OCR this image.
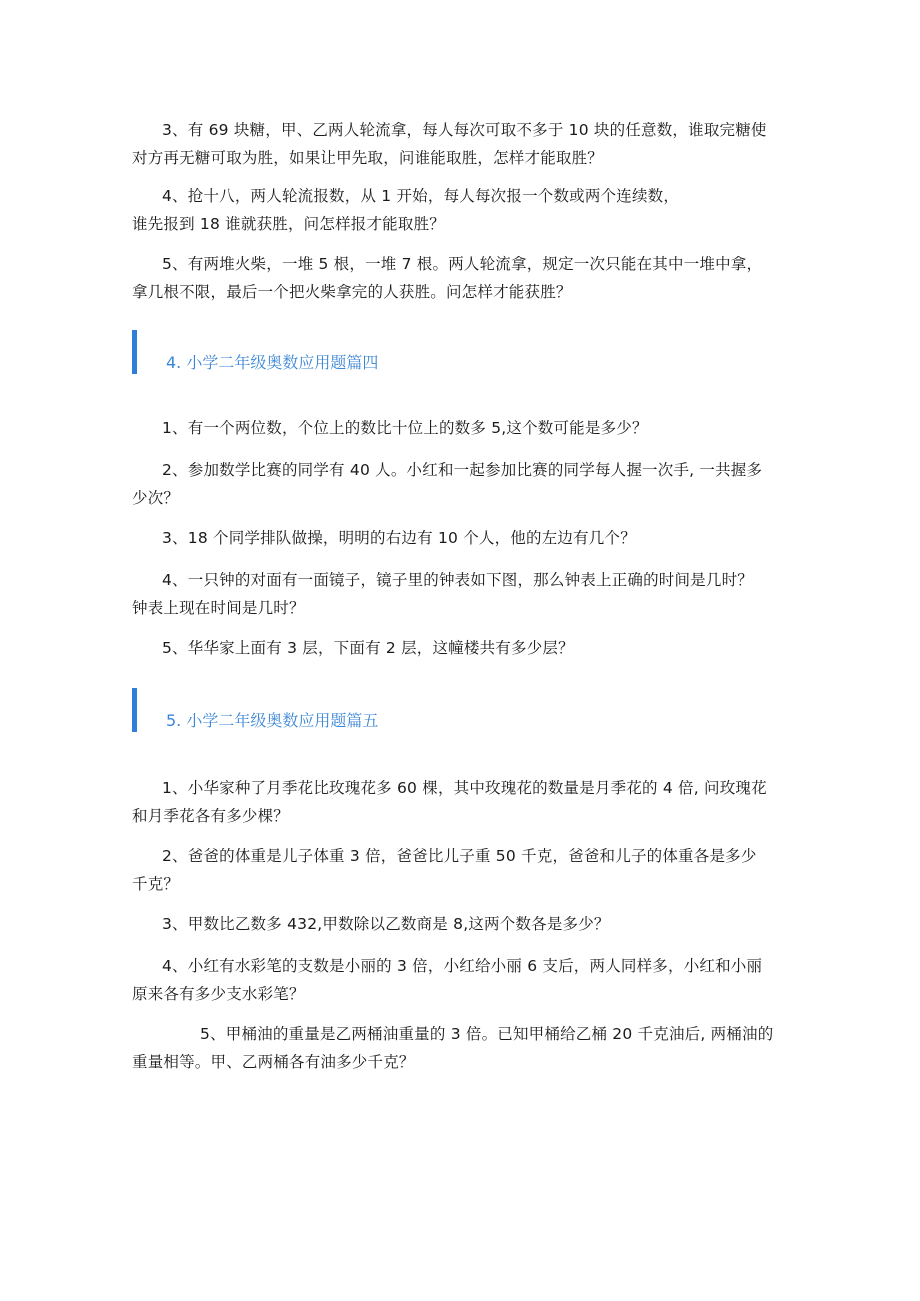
3、有 69 块糖，甲、乙两人轮流拿，每人每次可取不多于 10 块的任意数，谁取完糖使
对方再无糖可取为胜，如果让甲先取，问谁能取胜，怎样才能取胜？

4、抢十八，两人轮流报数，从 1 开始，每人每次报一个数或两个连续数，
谁先报到 18 谁就获胜，问怎样报才能取胜？

5、有两堆火柴，一堆 5 根，一堆 7 根。两人轮流拿，规定一次只能在其中一堆中拿，
拿几根不限，最后一个把火柴拿完的人获胜。问怎样才能获胜？

4. 小学二年级奥数应用题篇四

1、有一个两位数，个位上的数比十位上的数多 5,这个数可能是多少？

2、参加数学比赛的同学有 40 人。小红和一起参加比赛的同学每人握一次手, 一共握多
少次？

3、18 个同学排队做操，明明的右边有 10 个人，他的左边有几个？

4、一只钟的对面有一面镜子，镜子里的钟表如下图，那么钟表上正确的时间是几时？
钟表上现在时间是几时？

5、华华家上面有 3 层，下面有 2 层，这幢楼共有多少层？

5. 小学二年级奥数应用题篇五

1、小华家种了月季花比玫瑰花多 60 棵，其中玫瑰花的数量是月季花的 4 倍, 问玫瑰花
和月季花各有多少棵？

2、爸爸的体重是儿子体重 3 倍，爸爸比儿子重 50 千克，爸爸和儿子的体重各是多少
千克？

3、甲数比乙数多 432,甲数除以乙数商是 8,这两个数各是多少？

4、小红有水彩笔的支数是小丽的 3 倍，小红给小丽 6 支后，两人同样多，小红和小丽
原来各有多少支水彩笔？

5、甲桶油的重量是乙两桶油重量的 3 倍。已知甲桶给乙桶 20 千克油后, 两桶油的
重量相等。甲、乙两桶各有油多少千克？
